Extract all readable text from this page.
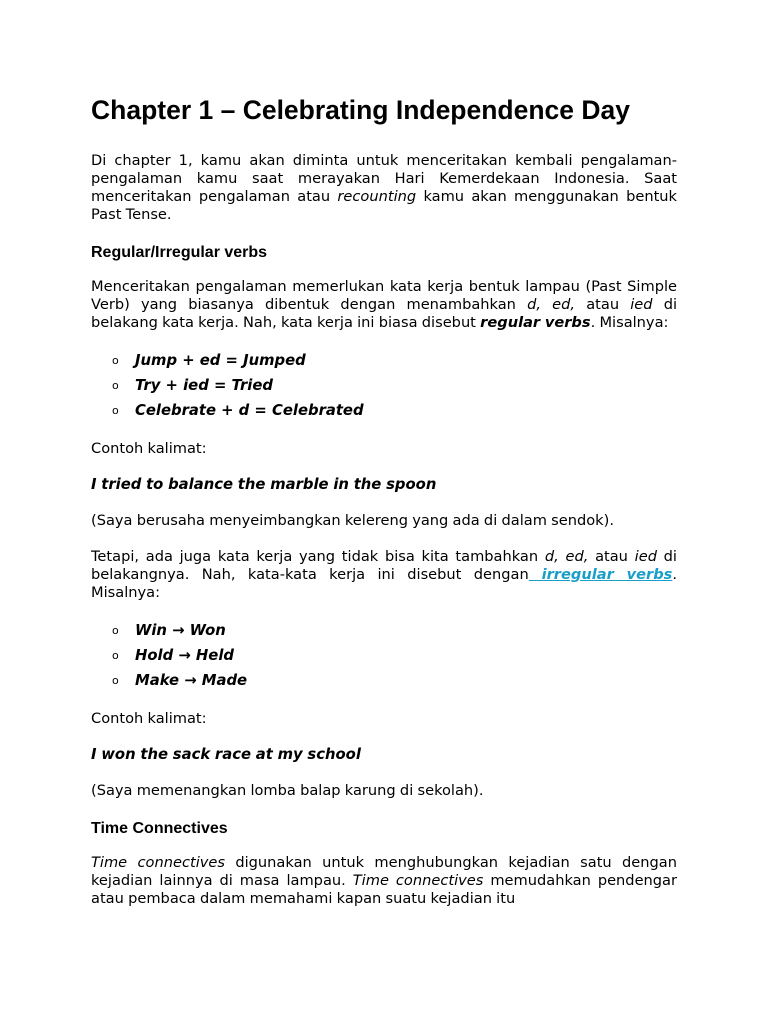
Chapter 1 – Celebrating Independence Day

Di chapter 1, kamu akan diminta untuk menceritakan kembali pengalaman-pengalaman kamu saat merayakan Hari Kemerdekaan Indonesia. Saat menceritakan pengalaman atau recounting kamu akan menggunakan bentuk Past Tense.

Regular/Irregular verbs

Menceritakan pengalaman memerlukan kata kerja bentuk lampau (Past Simple Verb) yang biasanya dibentuk dengan menambahkan d, ed, atau ied di belakang kata kerja. Nah, kata kerja ini biasa disebut regular verbs. Misalnya:

o Jump + ed = Jumped
o Try + ied = Tried
o Celebrate + d = Celebrated

Contoh kalimat:

I tried to balance the marble in the spoon

(Saya berusaha menyeimbangkan kelereng yang ada di dalam sendok).

Tetapi, ada juga kata kerja yang tidak bisa kita tambahkan d, ed, atau ied di belakangnya. Nah, kata-kata kerja ini disebut dengan irregular verbs. Misalnya:

o Win → Won
o Hold → Held
o Make → Made

Contoh kalimat:

I won the sack race at my school

(Saya memenangkan lomba balap karung di sekolah).

Time Connectives

Time connectives digunakan untuk menghubungkan kejadian satu dengan kejadian lainnya di masa lampau. Time connectives memudahkan pendengar atau pembaca dalam memahami kapan suatu kejadian itu
